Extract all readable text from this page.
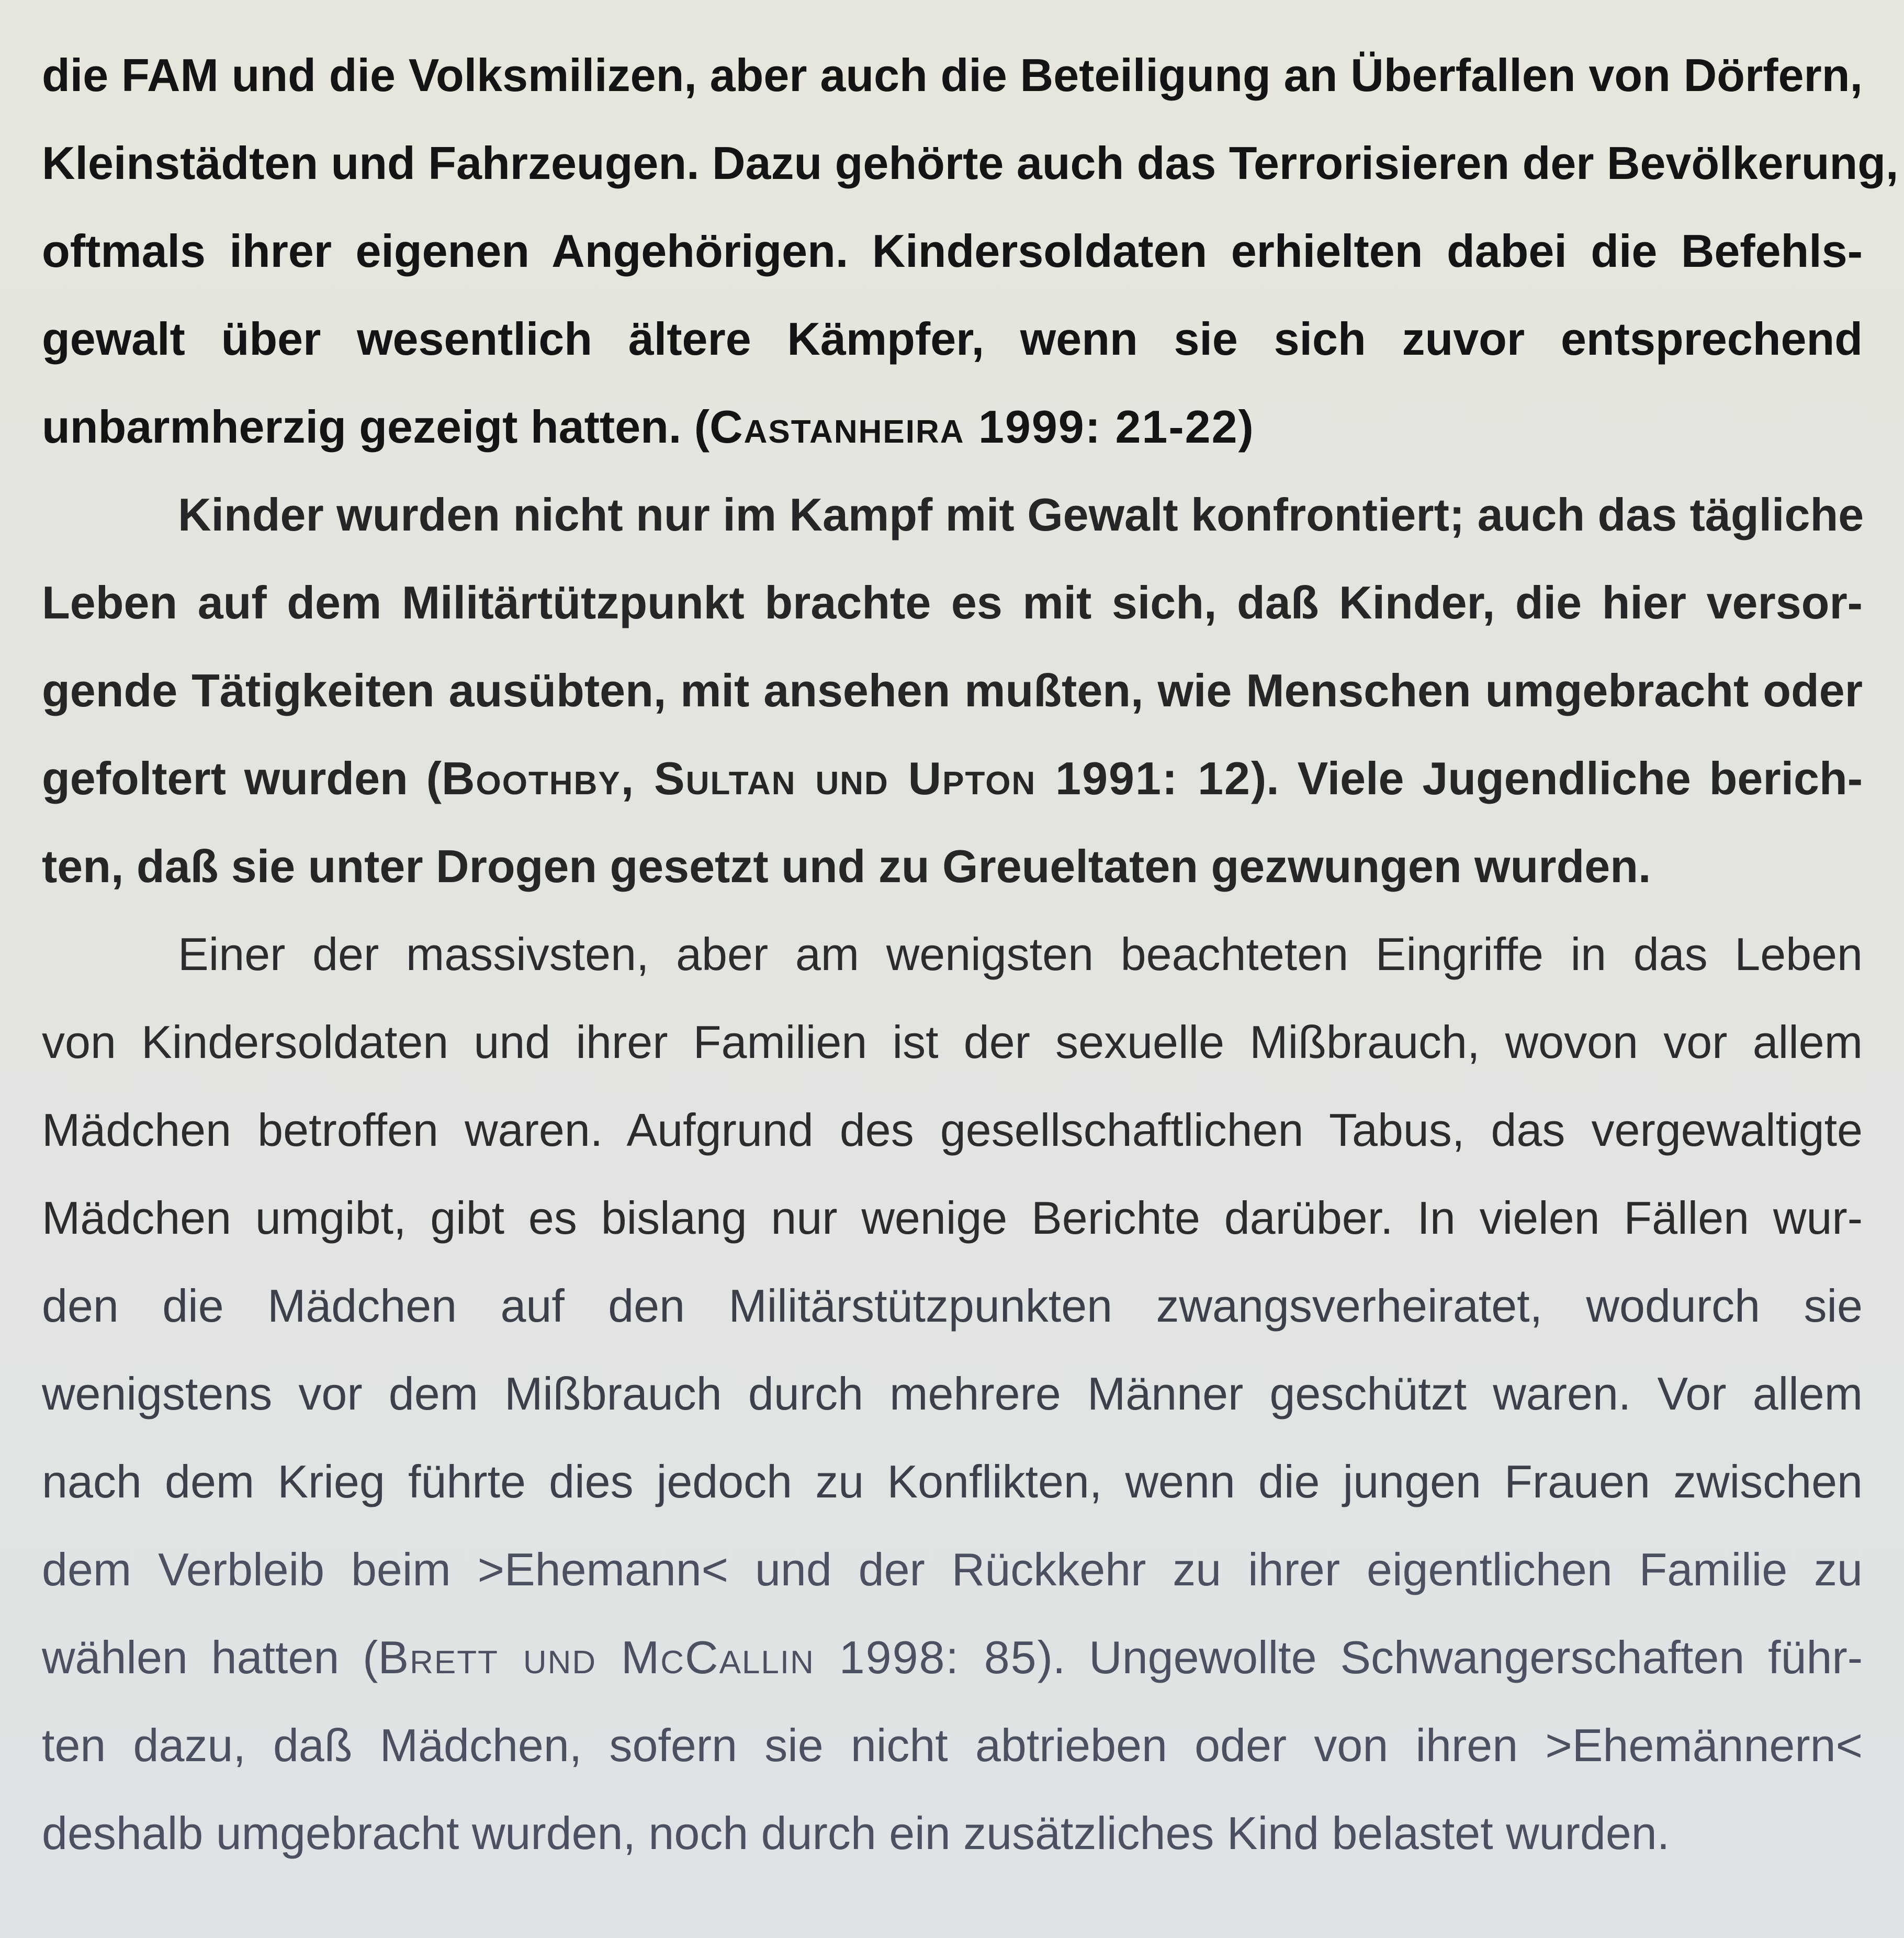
die FAM und die Volksmilizen, aber auch die Beteiligung an Überfallen von Dörfern,
Kleinstädten und Fahrzeugen. Dazu gehörte auch das Terrorisieren der Bevölkerung,
oftmals ihrer eigenen Angehörigen. Kindersoldaten erhielten dabei die Befehls-
gewalt über wesentlich ältere Kämpfer, wenn sie sich zuvor entsprechend
unbarmherzig gezeigt hatten. (Castanheira 1999: 21-22)
Kinder wurden nicht nur im Kampf mit Gewalt konfrontiert; auch das tägliche
Leben auf dem Militärtützpunkt brachte es mit sich, daß Kinder, die hier versor-
gende Tätigkeiten ausübten, mit ansehen mußten, wie Menschen umgebracht oder
gefoltert wurden (Boothby, Sultan und Upton 1991: 12). Viele Jugendliche berich-
ten, daß sie unter Drogen gesetzt und zu Greueltaten gezwungen wurden.
Einer der massivsten, aber am wenigsten beachteten Eingriffe in das Leben
von Kindersoldaten und ihrer Familien ist der sexuelle Mißbrauch, wovon vor allem
Mädchen betroffen waren. Aufgrund des gesellschaftlichen Tabus, das vergewaltigte
Mädchen umgibt, gibt es bislang nur wenige Berichte darüber. In vielen Fällen wur-
den die Mädchen auf den Militärstützpunkten zwangsverheiratet, wodurch sie
wenigstens vor dem Mißbrauch durch mehrere Männer geschützt waren. Vor allem
nach dem Krieg führte dies jedoch zu Konflikten, wenn die jungen Frauen zwischen
dem Verbleib beim >Ehemann< und der Rückkehr zu ihrer eigentlichen Familie zu
wählen hatten (Brett und McCallin 1998: 85). Ungewollte Schwangerschaften führ-
ten dazu, daß Mädchen, sofern sie nicht abtrieben oder von ihren >Ehemännern<
deshalb umgebracht wurden, noch durch ein zusätzliches Kind belastet wurden.
